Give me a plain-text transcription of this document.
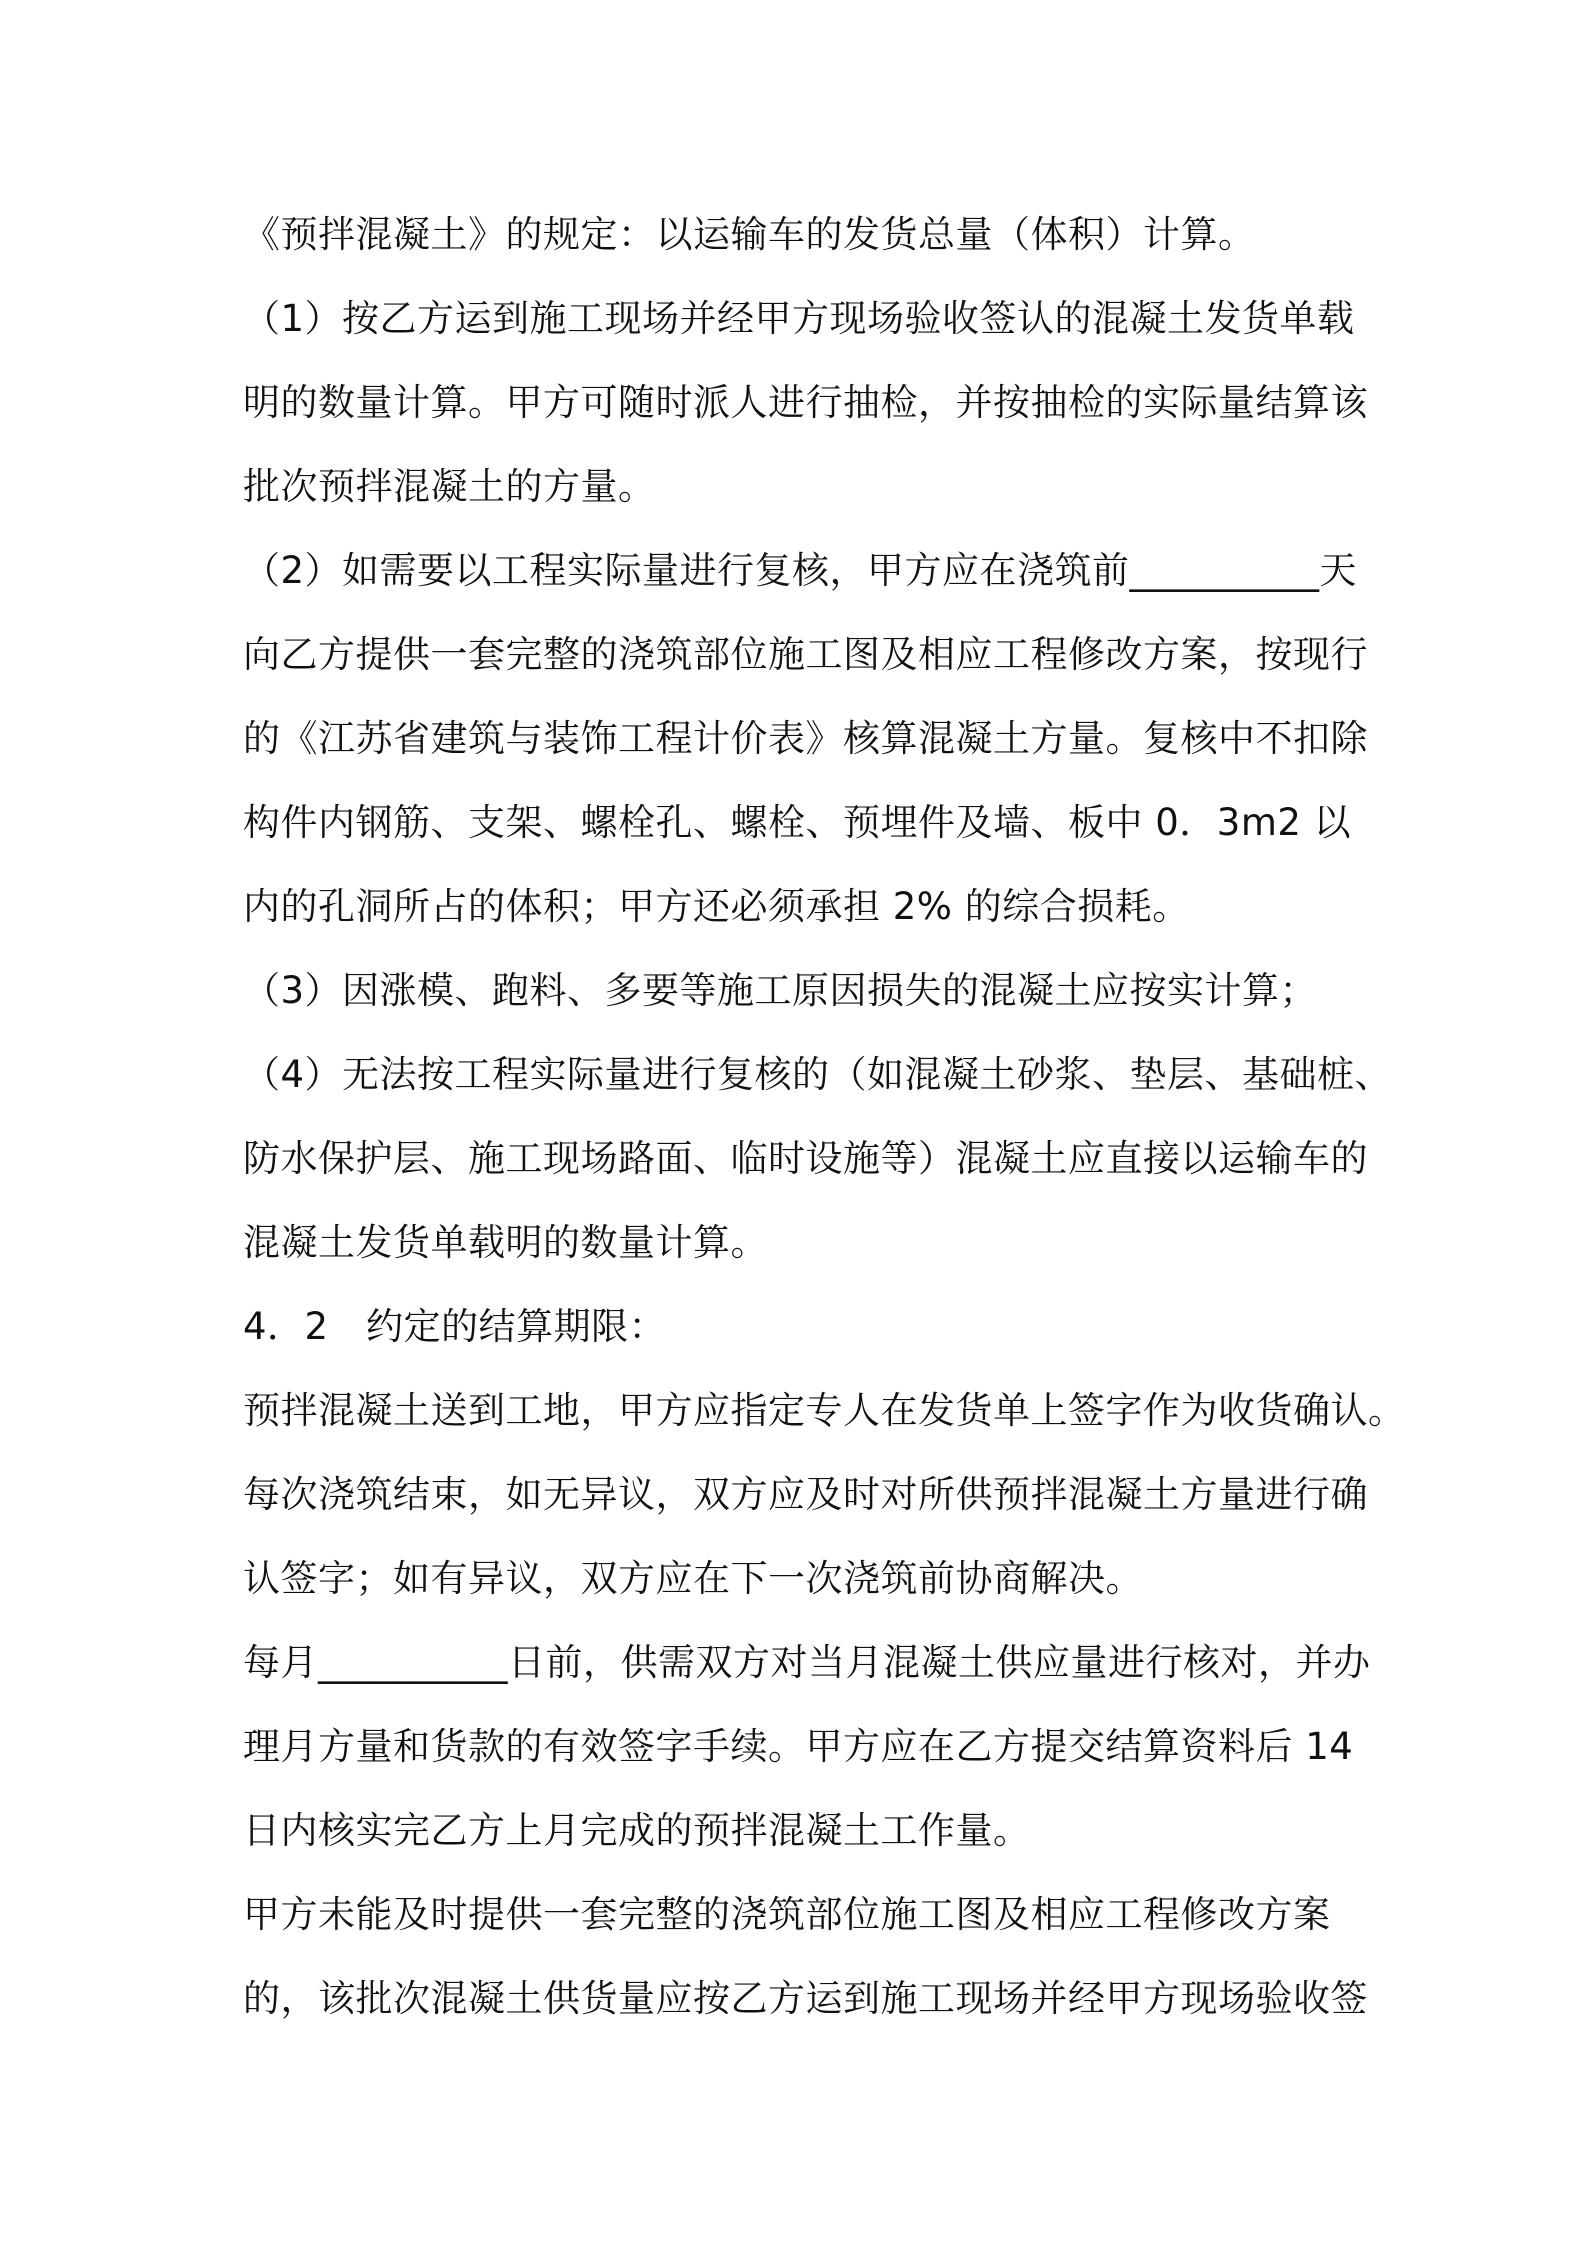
《预拌混凝土》的规定：以运输车的发货总量（体积）计算。
（1）按乙方运到施工现场并经甲方现场验收签认的混凝土发货单载
明的数量计算。甲方可随时派人进行抽检，并按抽检的实际量结算该
批次预拌混凝土的方量。
（2）如需要以工程实际量进行复核，甲方应在浇筑前__________天
向乙方提供一套完整的浇筑部位施工图及相应工程修改方案，按现行
的《江苏省建筑与装饰工程计价表》核算混凝土方量。复核中不扣除
构件内钢筋、支架、螺栓孔、螺栓、预埋件及墙、板中 0．3m2 以
内的孔洞所占的体积；甲方还必须承担 2% 的综合损耗。
（3）因涨模、跑料、多要等施工原因损失的混凝土应按实计算；
（4）无法按工程实际量进行复核的（如混凝土砂浆、垫层、基础桩、
防水保护层、施工现场路面、临时设施等）混凝土应直接以运输车的
混凝土发货单载明的数量计算。
4．2　约定的结算期限：
预拌混凝土送到工地，甲方应指定专人在发货单上签字作为收货确认。
每次浇筑结束，如无异议，双方应及时对所供预拌混凝土方量进行确
认签字；如有异议，双方应在下一次浇筑前协商解决。
每月__________日前，供需双方对当月混凝土供应量进行核对，并办
理月方量和货款的有效签字手续。甲方应在乙方提交结算资料后 14
日内核实完乙方上月完成的预拌混凝土工作量。
甲方未能及时提供一套完整的浇筑部位施工图及相应工程修改方案
的，该批次混凝土供货量应按乙方运到施工现场并经甲方现场验收签
